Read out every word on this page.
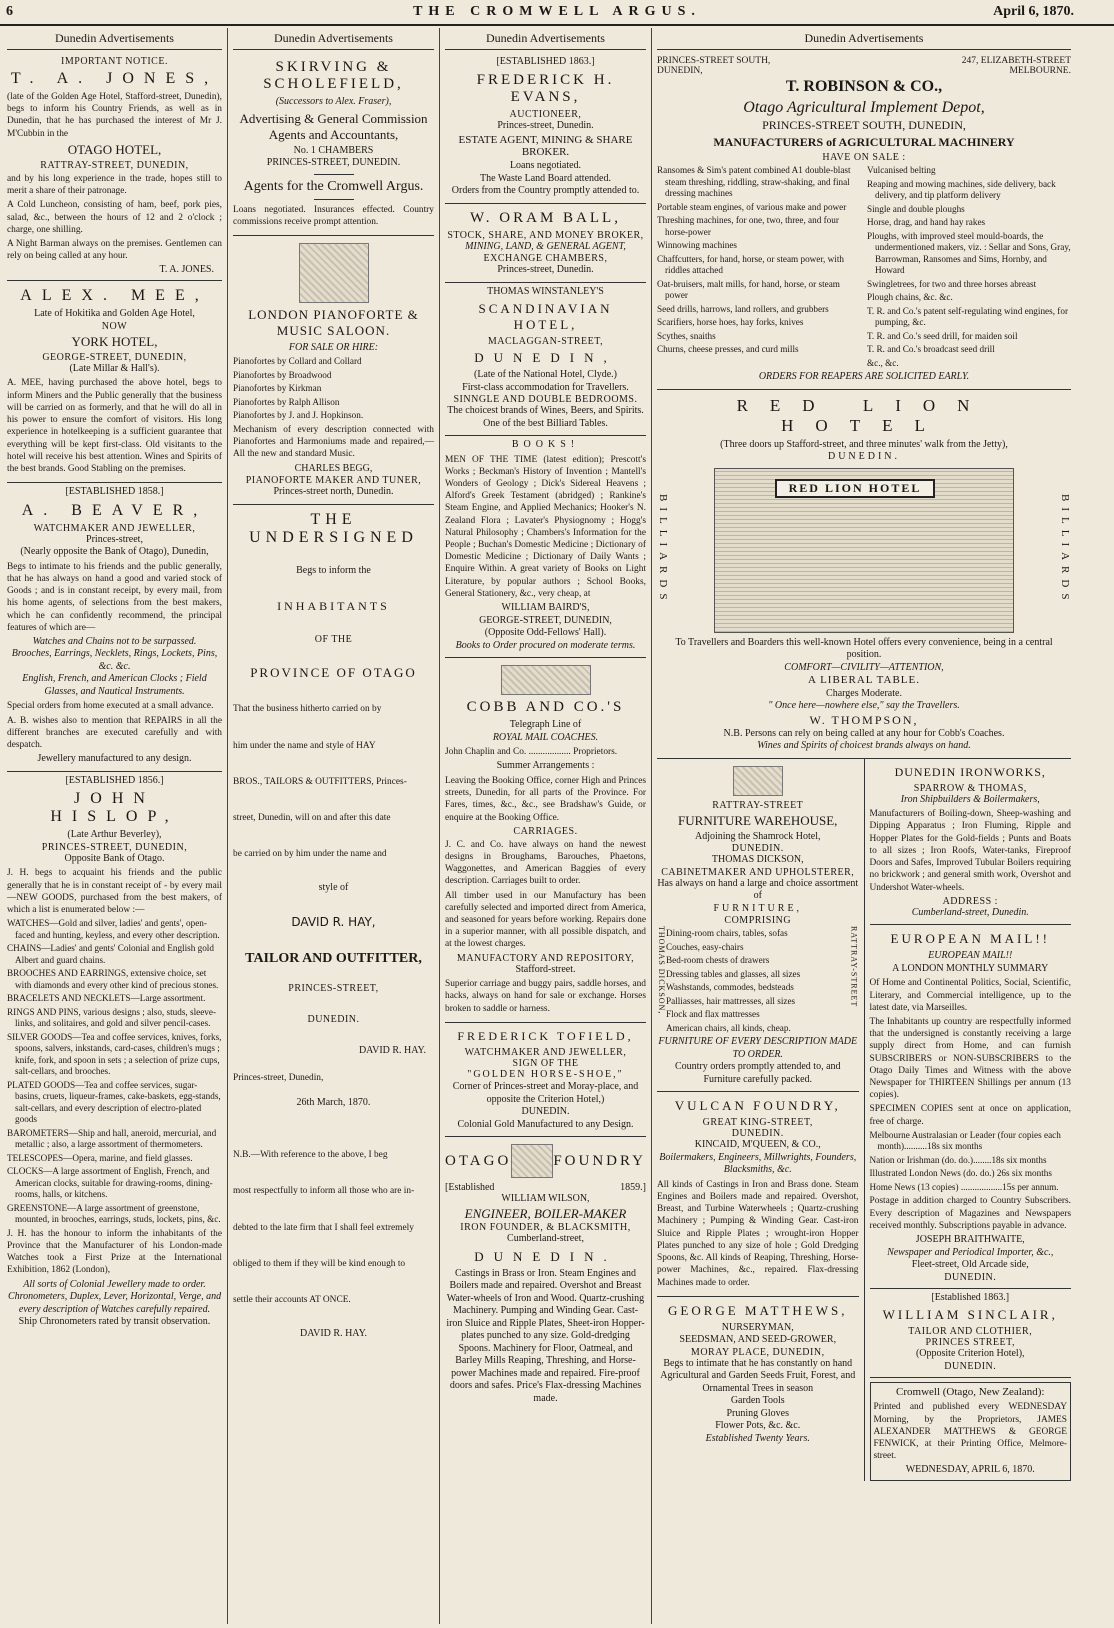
6	THE CROMWELL ARGUS.	April 6, 1870.
Dunedin Advertisements
IMPORTANT NOTICE.
T. A. JONES,
(late of the Golden Age Hotel, Stafford-street, Dunedin), begs to inform his Country Friends, as well as in Dunedin, that he has purchased the interest of Mr J. M'Cubbin in the
OTAGO HOTEL,
RATTRAY-STREET, DUNEDIN,
and by his long experience in the trade, hopes still to merit a share of their patronage.
A Cold Luncheon, consisting of ham, beef, pork pies, salad, &c., between the hours of 12 and 2 o'clock ; charge, one shilling.
A Night Barman always on the premises. Gentlemen can rely on being called at any hour.
T. A. JONES.
ALEX. MEE,
Late of Hokitika and Golden Age Hotel,
NOW
YORK HOTEL,
GEORGE-STREET, DUNEDIN,
(Late Millar & Hall's).
A. MEE, having purchased the above hotel, begs to inform Miners and the Public generally that the business will be carried on as formerly, and that he will do all in his power to ensure the comfort of visitors. His long experience in hotelkeeping is a sufficient guarantee that everything will be kept first-class. Old visitants to the hotel will receive his best attention. Wines and Spirits of the best brands. Good Stabling on the premises.
[ESTABLISHED 1858.]
A. BEAVER,
WATCHMAKER AND JEWELLER,
Princes-street,
(Nearly opposite the Bank of Otago), Dunedin,
Begs to intimate to his friends and the public generally, that he has always on hand a good and varied stock of Goods ; and is in constant receipt, by every mail, from his home agents, of selections from the best makers, which he can confidently recommend, the principal features of which are—
Watches and Chains not to be surpassed.
Brooches, Earrings, Necklets, Rings, Lockets, Pins, &c. &c.
English, French, and American Clocks ; Field Glasses, and Nautical Instruments.
Special orders from home executed at a small advance.
A. B. wishes also to mention that REPAIRS in all the different branches are executed carefully and with despatch.
Jewellery manufactured to any design.
[ESTABLISHED 1856.]
JOHN HISLOP,
(Late Arthur Beverley),
PRINCES-STREET, DUNEDIN,
Opposite Bank of Otago.
J. H. begs to acquaint his friends and the public generally that he is in constant receipt of - by every mail —NEW GOODS, purchased from the best makers, of which a list is enumerated below :—
WATCHES—Gold and silver, ladies' and gents', open-faced and hunting, keyless, and every other description.
CHAINS—Ladies' and gents' Colonial and English gold Albert and guard chains.
BROOCHES AND EARRINGS, extensive choice, set with diamonds and every other kind of precious stones.
BRACELETS AND NECKLETS—Large assortment.
RINGS AND PINS, various designs ; also, studs, sleeve-links, and solitaires, and gold and silver pencil-cases.
SILVER GOODS—Tea and coffee services, knives, forks, spoons, salvers, inkstands, card-cases, children's mugs ; knife, fork, and spoon in sets ; a selection of prize cups, salt-cellars, and brooches.
PLATED GOODS—Tea and coffee services, sugar-basins, cruets, liqueur-frames, cake-baskets, egg-stands, salt-cellars, and every description of electro-plated goods
BAROMETERS—Ship and hall, aneroid, mercurial, and metallic ; also, a large assortment of thermometers.
TELESCOPES—Opera, marine, and field glasses.
CLOCKS—A large assortment of English, French, and American clocks, suitable for drawing-rooms, dining-rooms, halls, or kitchens.
GREENSTONE—A large assortment of greenstone, mounted, in brooches, earrings, studs, lockets, pins, &c.
J. H. has the honour to inform the inhabitants of the Province that the Manufacturer of his London-made Watches took a First Prize at the International Exhibition, 1862 (London),
All sorts of Colonial Jewellery made to order.
Chronometers, Duplex, Lever, Horizontal, Verge, and every description of Watches carefully repaired.
Ship Chronometers rated by transit observation.
Dunedin Advertisements
SKIRVING & SCHOLEFIELD,
(Successors to Alex. Fraser),
Advertising & General Commission Agents and Accountants,
No. 1 CHAMBERS
PRINCES-STREET, DUNEDIN.
Agents for the Cromwell Argus.
Loans negotiated. Insurances effected. Country commissions receive prompt attention.
LONDON PIANOFORTE & MUSIC SALOON.
FOR SALE OR HIRE:
Pianofortes by Collard and Collard
Pianofortes by Broadwood
Pianofortes by Kirkman
Pianofortes by Ralph Allison
Pianofortes by J. and J. Hopkinson.
Mechanism of every description connected with Pianofortes and Harmoniums made and repaired,—All the new and standard Music.
CHARLES BEGG,
PIANOFORTE MAKER AND TUNER,
Princes-street north, Dunedin.
THE UNDERSIGNED
Begs to inform the
INHABITANTS
OF THE
PROVINCE OF OTAGO
That the business hitherto carried on by
him under the name and style of HAY
BROS., TAILORS & OUTFITTERS, Princes-
street, Dunedin, will on and after this date
be carried on by him under the name and
style of
DAVID R. HAY,
TAILOR AND OUTFITTER,
PRINCES-STREET,
DUNEDIN.
DAVID R. HAY.
Princes-street, Dunedin,
26th March, 1870.
N.B.—With reference to the above, I beg
most respectfully to inform all those who are in-
debted to the late firm that I shall feel extremely
obliged to them if they will be kind enough to
settle their accounts AT ONCE.
DAVID R. HAY.
Dunedin Advertisements
[ESTABLISHED 1863.]
FREDERICK H. EVANS,
AUCTIONEER,
Princes-street, Dunedin.
ESTATE AGENT, MINING & SHARE BROKER.
Loans negotiated.
The Waste Land Board attended.
Orders from the Country promptly attended to.
W. ORAM BALL,
STOCK, SHARE, AND MONEY BROKER,
MINING, LAND, & GENERAL AGENT,
EXCHANGE CHAMBERS,
Princes-street, Dunedin.
THOMAS WINSTANLEY'S
SCANDINAVIAN HOTEL,
MACLAGGAN-STREET,
DUNEDIN,
(Late of the National Hotel, Clyde.)
First-class accommodation for Travellers.
SINNGLE AND DOUBLE BEDROOMS.
The choicest brands of Wines, Beers, and Spirits.
One of the best Billiard Tables.
BOOKS!
MEN OF THE TIME (latest edition); Prescott's Works ; Beckman's History of Invention ; Mantell's Wonders of Geology ; Dick's Sidereal Heavens ; Alford's Greek Testament (abridged) ; Rankine's Steam Engine, and Applied Mechanics; Hooker's N. Zealand Flora ; Lavater's Physiognomy ; Hogg's Natural Philosophy ; Chambers's Information for the People ; Buchan's Domestic Medicine ; Dictionary of Domestic Medicine ; Dictionary of Daily Wants ; Enquire Within. A great variety of Books on Light Literature, by popular authors ; School Books, General Stationery, &c., very cheap, at
WILLIAM BAIRD'S,
GEORGE-STREET, DUNEDIN,
(Opposite Odd-Fellows' Hall).
Books to Order procured on moderate terms.
COBB AND CO.'S
Telegraph Line of
ROYAL MAIL COACHES.
John Chaplin and Co. .................. Proprietors.
Summer Arrangements :
Leaving the Booking Office, corner High and Princes streets, Dunedin, for all parts of the Province. For Fares, times, &c., &c., see Bradshaw's Guide, or enquire at the Booking Office.
CARRIAGES.
J. C. and Co. have always on hand the newest designs in Broughams, Barouches, Phaetons, Waggonettes, and American Baggies of every description. Carriages built to order.
All timber used in our Manufactury has been carefully selected and imported direct from America, and seasoned for years before working. Repairs done in a superior manner, with all possible dispatch, and at the lowest charges.
MANUFACTORY AND REPOSITORY,
Stafford-street.
Superior carriage and buggy pairs, saddle horses, and hacks, always on hand for sale or exchange. Horses broken to saddle or harness.
FREDERICK TOFIELD,
WATCHMAKER AND JEWELLER,
SIGN OF THE
"GOLDEN HORSE-SHOE,"
Corner of Princes-street and Moray-place, and
opposite the Criterion Hotel,)
DUNEDIN.
Colonial Gold Manufactured to any Design.
OTAGO	FOUNDRY
[Established	1859.]
WILLIAM WILSON,
ENGINEER, BOILER-MAKER
IRON FOUNDER, & BLACKSMITH,
Cumberland-street,
DUNEDIN.
Castings in Brass or Iron. Steam Engines and Boilers made and repaired. Overshot and Breast Water-wheels of Iron and Wood. Quartz-crushing Machinery. Pumping and Winding Gear. Cast-iron Sluice and Ripple Plates, Sheet-iron Hopper-plates punched to any size. Gold-dredging Spoons. Machinery for Floor, Oatmeal, and Barley Mills Reaping, Threshing, and Horse-power Machines made and repaired. Fire-proof doors and safes. Price's Flax-dressing Machines made.
Dunedin Advertisements
PRINCES-STREET SOUTH, DUNEDIN,
247, ELIZABETH-STREET MELBOURNE.
T. ROBINSON & CO.,
Otago Agricultural Implement Depot,
PRINCES-STREET SOUTH, DUNEDIN,
MANUFACTURERS of AGRICULTURAL MACHINERY
HAVE ON SALE :
Ransomes & Sim's patent combined A1 double-blast steam threshing, riddling, straw-shaking, and final dressing machines
Portable steam engines, of various make and power
Threshing machines, for one, two, three, and four horse-power
Winnowing machines
Chaffcutters, for hand, horse, or steam power, with riddles attached
Oat-bruisers, malt mills, for hand, horse, or steam power
Seed drills, harrows, land rollers, and grubbers
Scarifiers, horse hoes, hay forks, knives
Scythes, snaiths
Churns, cheese presses, and curd mills
Vulcanised belting
Reaping and mowing machines, side delivery, back delivery, and tip platform delivery
Single and double ploughs
Horse, drag, and hand hay rakes
Ploughs, with improved steel mould-boards, the undermentioned makers, viz. : Sellar and Sons, Gray, Barrowman, Ransomes and Sims, Hornby, and Howard
Swingletrees, for two and three horses abreast
Plough chains, &c. &c.
T. R. and Co.'s patent self-regulating wind engines, for pumping, &c.
T. R. and Co.'s seed drill, for maiden soil
T. R. and Co.'s broadcast seed drill
&c., &c.
ORDERS FOR REAPERS ARE SOLICITED EARLY.
RED LION HOTEL
(Three doors up Stafford-street, and three minutes' walk from the Jetty),
DUNEDIN.
BILLIARDS
RED LION HOTEL
BILLIARDS
To Travellers and Boarders this well-known Hotel offers every convenience, being in a central position.
COMFORT—CIVILITY—ATTENTION,
A LIBERAL TABLE.
Charges Moderate.
" Once here—nowhere else," say the Travellers.
W. THOMPSON,
N.B. Persons can rely on being called at any hour for Cobb's Coaches.
Wines and Spirits of choicest brands always on hand.
RATTRAY-STREET
FURNITURE WAREHOUSE,
Adjoining the Shamrock Hotel,
DUNEDIN.
THOMAS DICKSON,
CABINETMAKER AND UPHOLSTERER,
Has always on hand a large and choice assortment of
FURNITURE,
COMPRISING
THOMAS DICKSON, Dining-room chairs, tables, sofas
Couches, easy-chairs
Bed-room chests of drawers
Dressing tables and glasses, all sizes
Washstands, commodes, bedsteads
Palliasses, hair mattresses, all sizes
Flock and flax mattresses
American chairs, all kinds, cheap.
RATTRAY-STREET
FURNITURE OF EVERY DESCRIPTION MADE TO ORDER.
Country orders promptly attended to, and Furniture carefully packed.
VULCAN FOUNDRY,
GREAT KING-STREET,
DUNEDIN.
KINCAID, M'QUEEN, & CO.,
Boilermakers, Engineers, Millwrights, Founders, Blacksmiths, &c.
All kinds of Castings in Iron and Brass done. Steam Engines and Boilers made and repaired. Overshot, Breast, and Turbine Waterwheels ; Quartz-crushing Machinery ; Pumping & Winding Gear. Cast-iron Sluice and Ripple Plates ; wrought-iron Hopper Plates punched to any size of hole ; Gold Dredging Spoons, &c. All kinds of Reaping, Threshing, Horse-power Machines, &c., repaired. Flax-dressing Machines made to order.
GEORGE MATTHEWS,
NURSERYMAN,
SEEDSMAN, AND SEED-GROWER,
MORAY PLACE, DUNEDIN,
Begs to intimate that he has constantly on hand Agricultural and Garden Seeds Fruit, Forest, and Ornamental Trees in season
Garden Tools
Pruning Gloves
Flower Pots, &c. &c.
Established Twenty Years.
DUNEDIN IRONWORKS,
SPARROW & THOMAS,
Iron Shipbuilders & Boilermakers,
Manufacturers of Boiling-down, Sheep-washing and Dipping Apparatus ; Iron Fluming, Ripple and Hopper Plates for the Gold-fields ; Punts and Boats to all sizes ; Iron Roofs, Water-tanks, Fireproof Doors and Safes, Improved Tubular Boilers requiring no brickwork ; and general smith work, Overshot and Undershot Water-wheels.
ADDRESS :
Cumberland-street, Dunedin.
EUROPEAN MAIL!!
EUROPEAN MAIL!!
A LONDON MONTHLY SUMMARY
Of Home and Continental Politics, Social, Scientific, Literary, and Commercial intelligence, up to the latest date, via Marseilles.
The Inhabitants up country are respectfully informed that the undersigned is constantly receiving a large supply direct from Home, and can furnish SUBSCRIBERS or NON-SUBSCRIBERS to the Otago Daily Times and Witness with the above Newspaper for THIRTEEN Shillings per annum (13 copies).
SPECIMEN COPIES sent at once on application, free of charge.
Melbourne Australasian or Leader (four copies each month)..........18s six months
Nation or Irishman (do. do.)........18s six months
Illustrated London News (do. do.) 26s six months
Home News (13 copies) ..................15s per annum.
Postage in addition charged to Country Subscribers. Every description of Magazines and Newspapers received monthly. Subscriptions payable in advance.
JOSEPH BRAITHWAITE,
Newspaper and Periodical Importer, &c.,
Fleet-street, Old Arcade side,
DUNEDIN.
[Established 1863.]
WILLIAM SINCLAIR,
TAILOR AND CLOTHIER,
PRINCES STREET,
(Opposite Criterion Hotel),
DUNEDIN.
Cromwell (Otago, New Zealand):
Printed and published every WEDNESDAY Morning, by the Proprietors, JAMES ALEXANDER MATTHEWS & GEORGE FENWICK, at their Printing Office, Melmore-street.
WEDNESDAY, APRIL 6, 1870.
